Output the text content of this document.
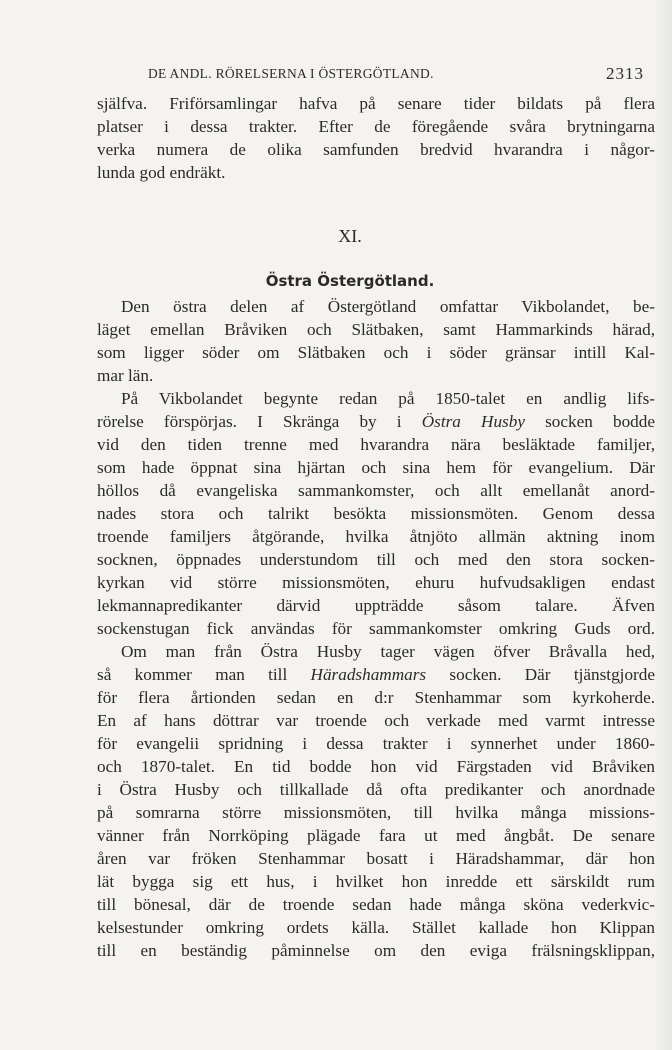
DE ANDL. RÖRELSERNA I ÖSTERGÖTLAND.	2313
själfva. Friförsamlingar hafva på senare tider bildats på flera
platser i dessa trakter. Efter de föregående svåra brytningarna
verka numera de olika samfunden bredvid hvarandra i någor-
lunda god endräkt.
XI.
Östra Östergötland.
Den östra delen af Östergötland omfattar Vikbolandet, be-
läget emellan Bråviken och Slätbaken, samt Hammarkinds härad,
som ligger söder om Slätbaken och i söder gränsar intill Kal-
mar län.
På Vikbolandet begynte redan på 1850-talet en andlig lifs-
rörelse förspörjas. I Skränga by i Östra Husby socken bodde
vid den tiden trenne med hvarandra nära besläktade familjer,
som hade öppnat sina hjärtan och sina hem för evangelium. Där
höllos då evangeliska sammankomster, och allt emellanåt anord-
nades stora och talrikt besökta missionsmöten. Genom dessa
troende familjers åtgörande, hvilka åtnjöto allmän aktning inom
socknen, öppnades understundom till och med den stora socken-
kyrkan vid större missionsmöten, ehuru hufvudsakligen endast
lekmannapredikanter därvid uppträdde såsom talare. Äfven
sockenstugan fick användas för sammankomster omkring Guds ord.
Om man från Östra Husby tager vägen öfver Bråvalla hed,
så kommer man till Häradshammars socken. Där tjänstgjorde
för flera årtionden sedan en d:r Stenhammar som kyrkoherde.
En af hans döttrar var troende och verkade med varmt intresse
för evangelii spridning i dessa trakter i synnerhet under 1860-
och 1870-talet. En tid bodde hon vid Färgstaden vid Bråviken
i Östra Husby och tillkallade då ofta predikanter och anordnade
på somrarna större missionsmöten, till hvilka många missions-
vänner från Norrköping plägade fara ut med ångbåt. De senare
åren var fröken Stenhammar bosatt i Häradshammar, där hon
lät bygga sig ett hus, i hvilket hon inredde ett särskildt rum
till bönesal, där de troende sedan hade många sköna vederkvic-
kelsestunder omkring ordets källa. Stället kallade hon Klippan
till en beständig påminnelse om den eviga frälsningsklippan,
